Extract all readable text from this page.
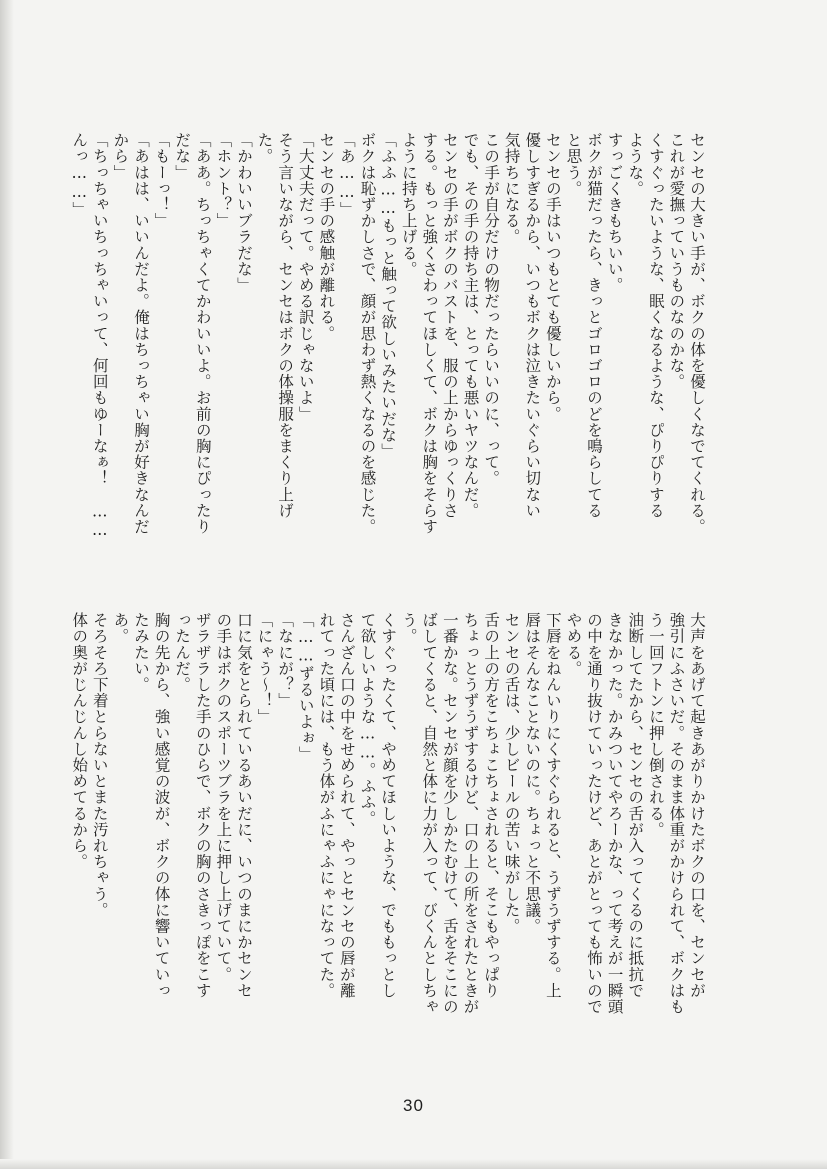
センセの大きい手が、ボクの体を優しくなでてくれる。

これが愛撫っていうものなのかな。

くすぐったいような、眠くなるような、ぴりぴりする

ような。

すっごくきもちいい。

ボクが猫だったら、きっとゴロゴロのどを鳴らしてる

と思う。

センセの手はいつもとても優しいから。

優しすぎるから、いつもボクは泣きたいぐらい切ない

気持ちになる。

この手が自分だけの物だったらいいのに、って。

でも、その手の持ち主は、とっても悪いヤツなんだ。

センセの手がボクのバストを、服の上からゆっくりさ

する。もっと強くさわってほしくて、ボクは胸をそらす

ように持ち上げる。

「ふふ……もっと触って欲しいみたいだな」

ボクは恥ずかしさで、顔が思わず熱くなるのを感じた。

「あ……」

センセの手の感触が離れる。

「大丈夫だって。やめる訳じゃないよ」

そう言いながら、センセはボクの体操服をまくり上げ

た。

「かわいいブラだな」

「ホント？」

「ああ。ちっちゃくてかわいいよ。お前の胸にぴったり

だな」

「もーっ！」

「あはは、いいんだよ。俺はちっちゃい胸が好きなんだ

から」

「ちっちゃいちっちゃいって、何回もゆーなぁ！　……

んっ……」

大声をあげて起きあがりかけたボクの口を、センセが

強引にふさいだ。そのまま体重がかけられて、ボクはも

う一回フトンに押し倒される。

油断してたから、センセの舌が入ってくるのに抵抗で

きなかった。かみついてやろーかな、って考えが一瞬頭

の中を通り抜けていったけど、あとがとっても怖いので

やめる。

下唇をねんいりにくすぐられると、うずうずする。上

唇はそんなことないのに。ちょっと不思議。

センセの舌は、少しビールの苦い味がした。

舌の上の方をこちょこちょされると、そこもやっぱり

ちょっとうずうずするけど、口の上の所をされたときが

一番かな。センセが顔を少しかたむけて、舌をそこにの

ばしてくると、自然と体に力が入って、びくんとしちゃ

う。

くすぐったくて、やめてほしいような、でももっとし

て欲しいような……。ふふ。

さんざん口の中をせめられて、やっとセンセの唇が離

れてった頃には、もう体がふにゃふにゃになってた。

「……ずるいよぉ」

「なにが？」

「にゃう～！」

口に気をとられているあいだに、いつのまにかセンセ

の手はボクのスポーツブラを上に押し上げていて。

ザラザラした手のひらで、ボクの胸のさきっぽをこす

ったんだ。

胸の先から、強い感覚の波が、ボクの体に響いていっ

たみたい。

あ。

そろそろ下着とらないとまた汚れちゃう。

体の奥がじんじんし始めてるから。

30
